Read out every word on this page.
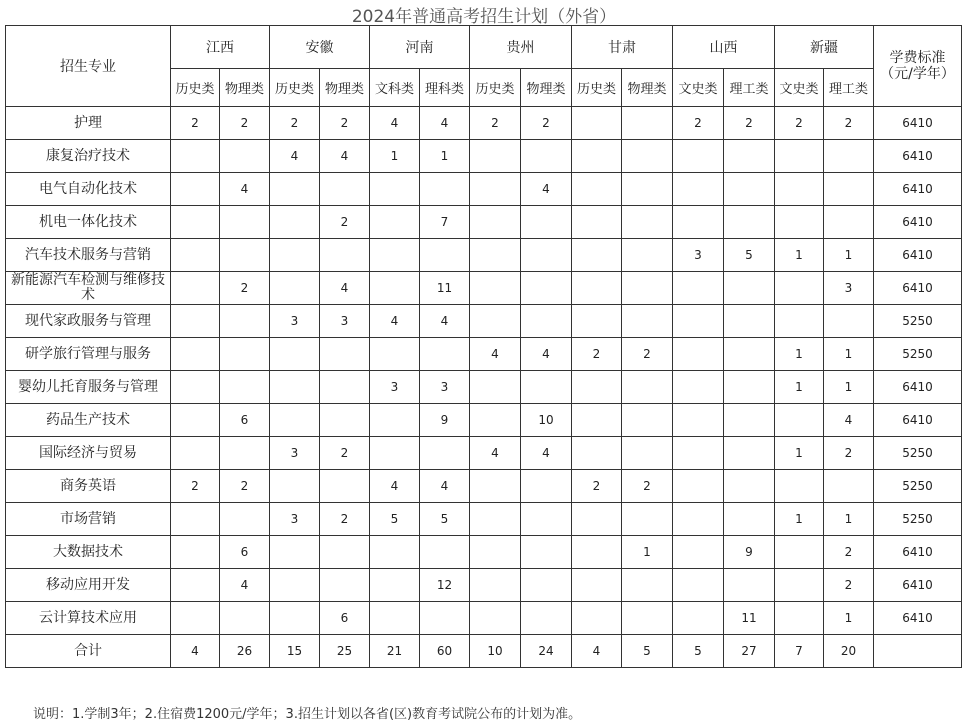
2024年普通高考招生计划（外省）
招生专业	江西		安徽		河南		贵州		甘肃		山西		新疆		学费标准（元/学年）
	历史类	物理类	历史类	物理类	文科类	理科类	历史类	物理类	历史类	物理类	文史类	理工类	文史类	理工类	
护理	2	2	2	2	4	4	2	2			2	2	2	2	6410
康复治疗技术			4	4	1	1									6410
电气自动化技术		4						4							6410
机电一体化技术				2		7									6410
汽车技术服务与营销											3	5	1	1	6410
新能源汽车检测与维修技术		2		4		11								3	6410
现代家政服务与管理			3	3	4	4									5250
研学旅行管理与服务							4	4	2	2			1	1	5250
婴幼儿托育服务与管理					3	3							1	1	6410
药品生产技术		6				9		10						4	6410
国际经济与贸易			3	2			4	4					1	2	5250
商务英语	2	2			4	4			2	2					5250
市场营销			3	2	5	5							1	1	5250
大数据技术		6								1		9		2	6410
移动应用开发		4				12								2	6410
云计算技术应用				6								11		1	6410
合计	4	26	15	25	21	60	10	24	4	5	5	27	7	20	
说明：1.学制3年；2.住宿费1200元/学年；3.招生计划以各省(区)教育考试院公布的计划为准。
